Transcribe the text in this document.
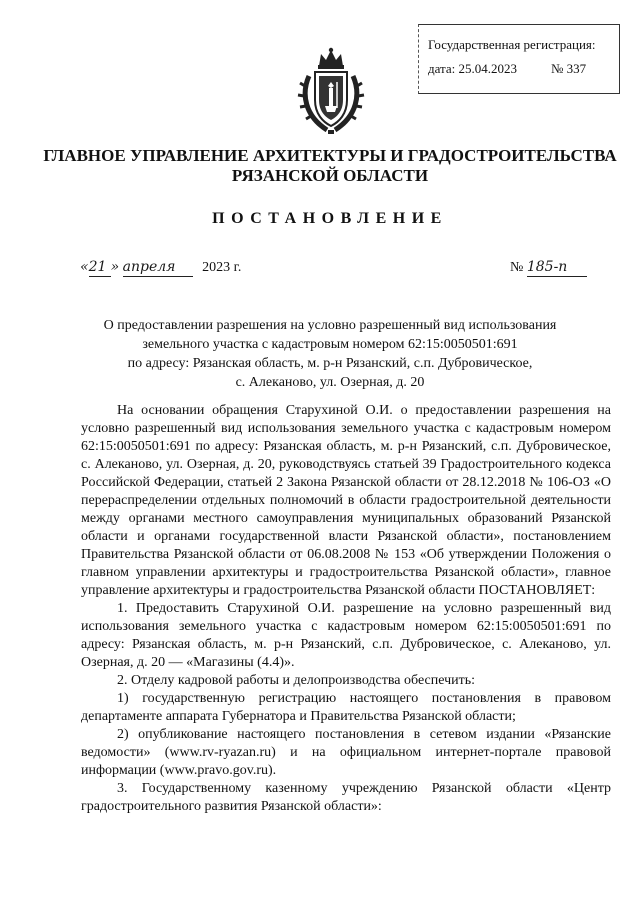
Государственная регистрация:
дата: 25.04.2023	№ 337
ГЛАВНОЕ УПРАВЛЕНИЕ АРХИТЕКТУРЫ И ГРАДОСТРОИТЕЛЬСТВА
РЯЗАНСКОЙ ОБЛАСТИ
ПОСТАНОВЛЕНИЕ
«21 » апреля 2023 г.	№ 185-п
О предоставлении разрешения на условно разрешенный вид использования
земельного участка с кадастровым номером 62:15:0050501:691
по адресу: Рязанская область, м. р-н Рязанский, с.п. Дубровическое,
с. Алеканово, ул. Озерная, д. 20

На основании обращения Старухиной О.И. о предоставлении разрешения на условно разрешенный вид использования земельного участка с кадастровым номером 62:15:0050501:691 по адресу: Рязанская область, м. р-н Рязанский, с.п. Дубровическое, с. Алеканово, ул. Озерная, д. 20, руководствуясь статьей 39 Градостроительного кодекса Российской Федерации, статьей 2 Закона Рязанской области от 28.12.2018 № 106-ОЗ «О перераспределении отдельных полномочий в области градостроительной деятельности между органами местного самоуправления муниципальных образований Рязанской области и органами государственной власти Рязанской области», постановлением Правительства Рязанской области от 06.08.2008 № 153 «Об утверждении Положения о главном управлении архитектуры и градостроительства Рязанской области», главное управление архитектуры и градостроительства Рязанской области ПОСТАНОВЛЯЕТ:

1. Предоставить Старухиной О.И. разрешение на условно разрешенный вид использования земельного участка с кадастровым номером 62:15:0050501:691 по адресу: Рязанская область, м. р-н Рязанский, с.п. Дубровическое, с. Алеканово, ул. Озерная, д. 20 — «Магазины (4.4)».

2. Отделу кадровой работы и делопроизводства обеспечить:

1) государственную регистрацию настоящего постановления в правовом департаменте аппарата Губернатора и Правительства Рязанской области;

2) опубликование настоящего постановления в сетевом издании «Рязанские ведомости» (www.rv-ryazan.ru) и на официальном интернет-портале правовой информации (www.pravo.gov.ru).

3. Государственному казенному учреждению Рязанской области «Центр градостроительного развития Рязанской области»:
